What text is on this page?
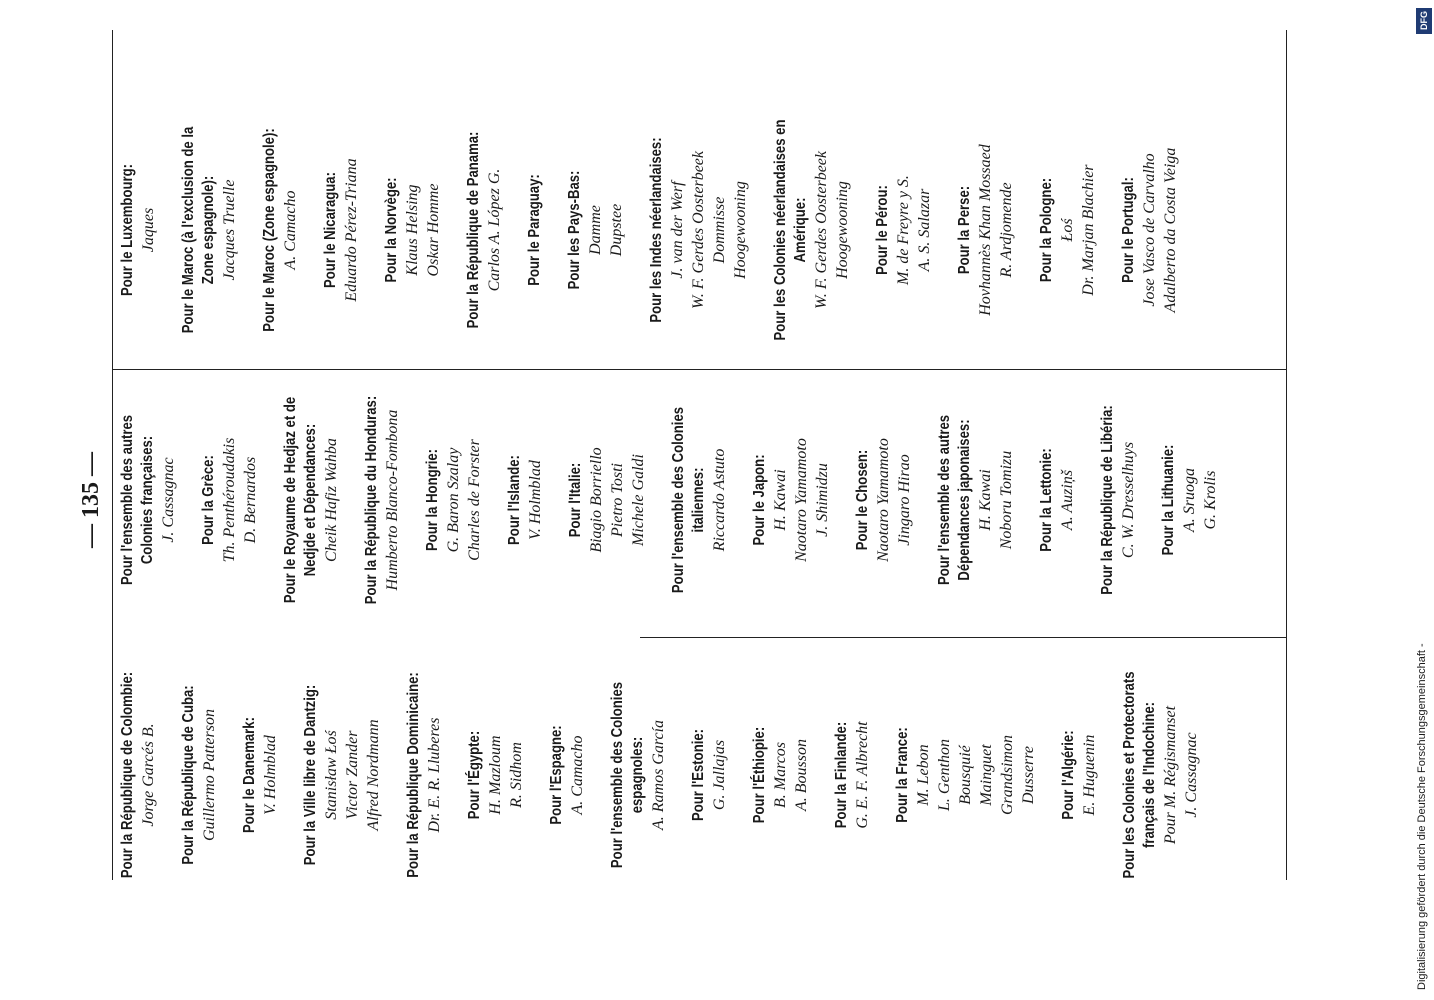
— 135 —
Pour la République de Colombie: Jorge Garcés B. Pour la République de Cuba: Guillermo Patterson Pour le Danemark: V. Holmblad Pour la Ville libre de Dantzig: Stanisław Łoś Victor Zander Alfred Nordmann Pour la République Dominicaine: Dr. E. R. Lluberes Pour l'Égypte: H. Mazloum R. Sidhom Pour l'Espagne: A. Camacho Pour l'ensemble des Colonies espagnoles: A. Ramos García Pour l'Estonie: G. Jallajas Pour l'Éthiopie: B. Marcos A. Bousson Pour la Finlande: G. E. F. Albrecht Pour la France: M. Lebon L. Genthon Bousquié Mainguet Grandsimon Dusserre Pour l'Algérie: E. Huguenin Pour les Colonies et Protectorats français de l'Indochine: Pour M. Régismanset J. Cassagnac
Pour l'ensemble des autres Colonies françaises: J. Cassagnac Pour la Grèce: Th. Penthéroudakis D. Bernardos Pour le Royaume de Hedjaz et de Nedjde et Dépendances: Cheik Hafiz Wahba Pour la République du Honduras: Humberto Blanco-Fombona Pour la Hongrie: G. Baron Szalay Charles de Forster Pour l'Islande: V. Holmblad Pour l'Italie: Biagio Borriello Pietro Tosti Michele Galdi Pour l'ensemble des Colonies italiennes: Riccardo Astuto Pour le Japon: H. Kawai Naotaro Yamamoto J. Shimidzu Pour le Chosen: Naotaro Yamamoto Jingaro Hirao Pour l'ensemble des autres Dépendances japonaises: H. Kawai Noboru Tomizu Pour la Lettonie: A. Auziņš Pour la République de Libéria: C. W. Dresselhuys Pour la Lithuanie: A. Sruoga G. Krolis
Pour le Luxembourg: Jaques Pour le Maroc (à l'exclusion de la Zone espagnole): Jacques Truelle Pour le Maroc (Zone espagnole): A. Camacho Pour le Nicaragua: Eduardo Pérez-Triana Pour la Norvège: Klaus Helsing Oskar Homme Pour la République de Panama: Carlos A. López G. Pour le Paraguay: Pour les Pays-Bas: Damme Dupstee Pour les Indes néerlandaises: J. van der Werf W. F. Gerdes Oosterbeek Dommisse Hoogewooning Pour les Colonies néerlandaises en Amérique: W. F. Gerdes Oosterbeek Hoogewooning Pour le Pérou: M. de Freyre y S. A. S. Salazar Pour la Perse: Hovhannès Khan Mossaed R. Ardjomende Pour la Pologne: Łoś Dr. Marjan Blachier Pour le Portugal: Jose Vasco de Carvalho Adalberto da Costa Veiga
Digitalisierung gefördert durch die Deutsche Forschungsgemeinschaft -
DFG
